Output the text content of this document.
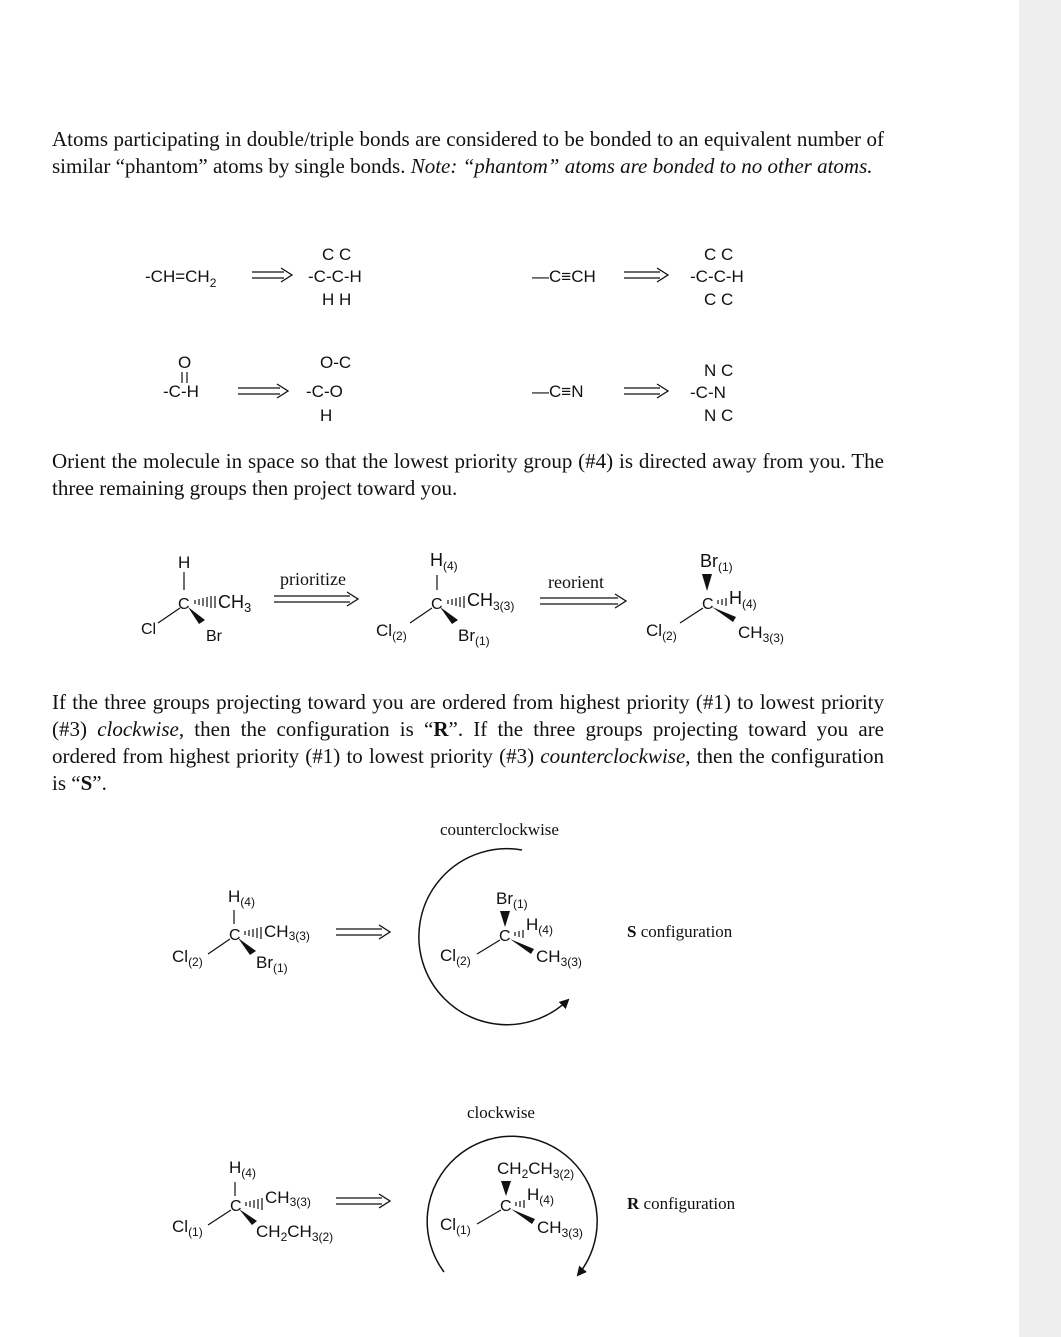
Atoms participating in double/triple bonds are considered to be bonded to an equivalent number of similar “phantom” atoms by single bonds. Note: “phantom” atoms are bonded to no other atoms.

Orient the molecule in space so that the lowest priority group (#4) is directed away from you. The three remaining groups then project toward you.

If the three groups projecting toward you are ordered from highest priority (#1) to lowest priority (#3) clockwise, then the configuration is “R”. If the three groups projecting toward you are ordered from highest priority (#1) to lowest priority (#3) counterclockwise, then the configuration is “S”.

$-CH=CH_2$
C C
-C-C-H
H H
—C≡CH
C C
-C-C-H
C C
O
-C-H
O-C
-C-O
H
—C≡N
N C
-C-N
N C
H
C $CH_3$
Cl	Br
prioritize
$H_{(4)}$
C $CH_{3(3)}$
$Cl_{(2)}$	$Br_{(1)}$
reorient
$Br_{(1)}$
C $H_{(4)}$
$Cl_{(2)}$	$CH_{3(3)}$
$H_{(4)}$
C CH3(3)
$Cl_{(2)}$	$Br_{(1)}$
counterclockwise
$Br_{(1)}$
C
$H_{(4)}$
$Cl_{(2)}$	$CH_{3(3)}$
S configuration
$H_{(4)}$
C CH3(3)
$Cl_{(1)}$	$CH_2CH_{3(2)}$
clockwise
$CH_2CH_{3(2)}$
C
$H_{(4)}$
$Cl_{(1)}$	$CH_{3(3)}$
R configuration
